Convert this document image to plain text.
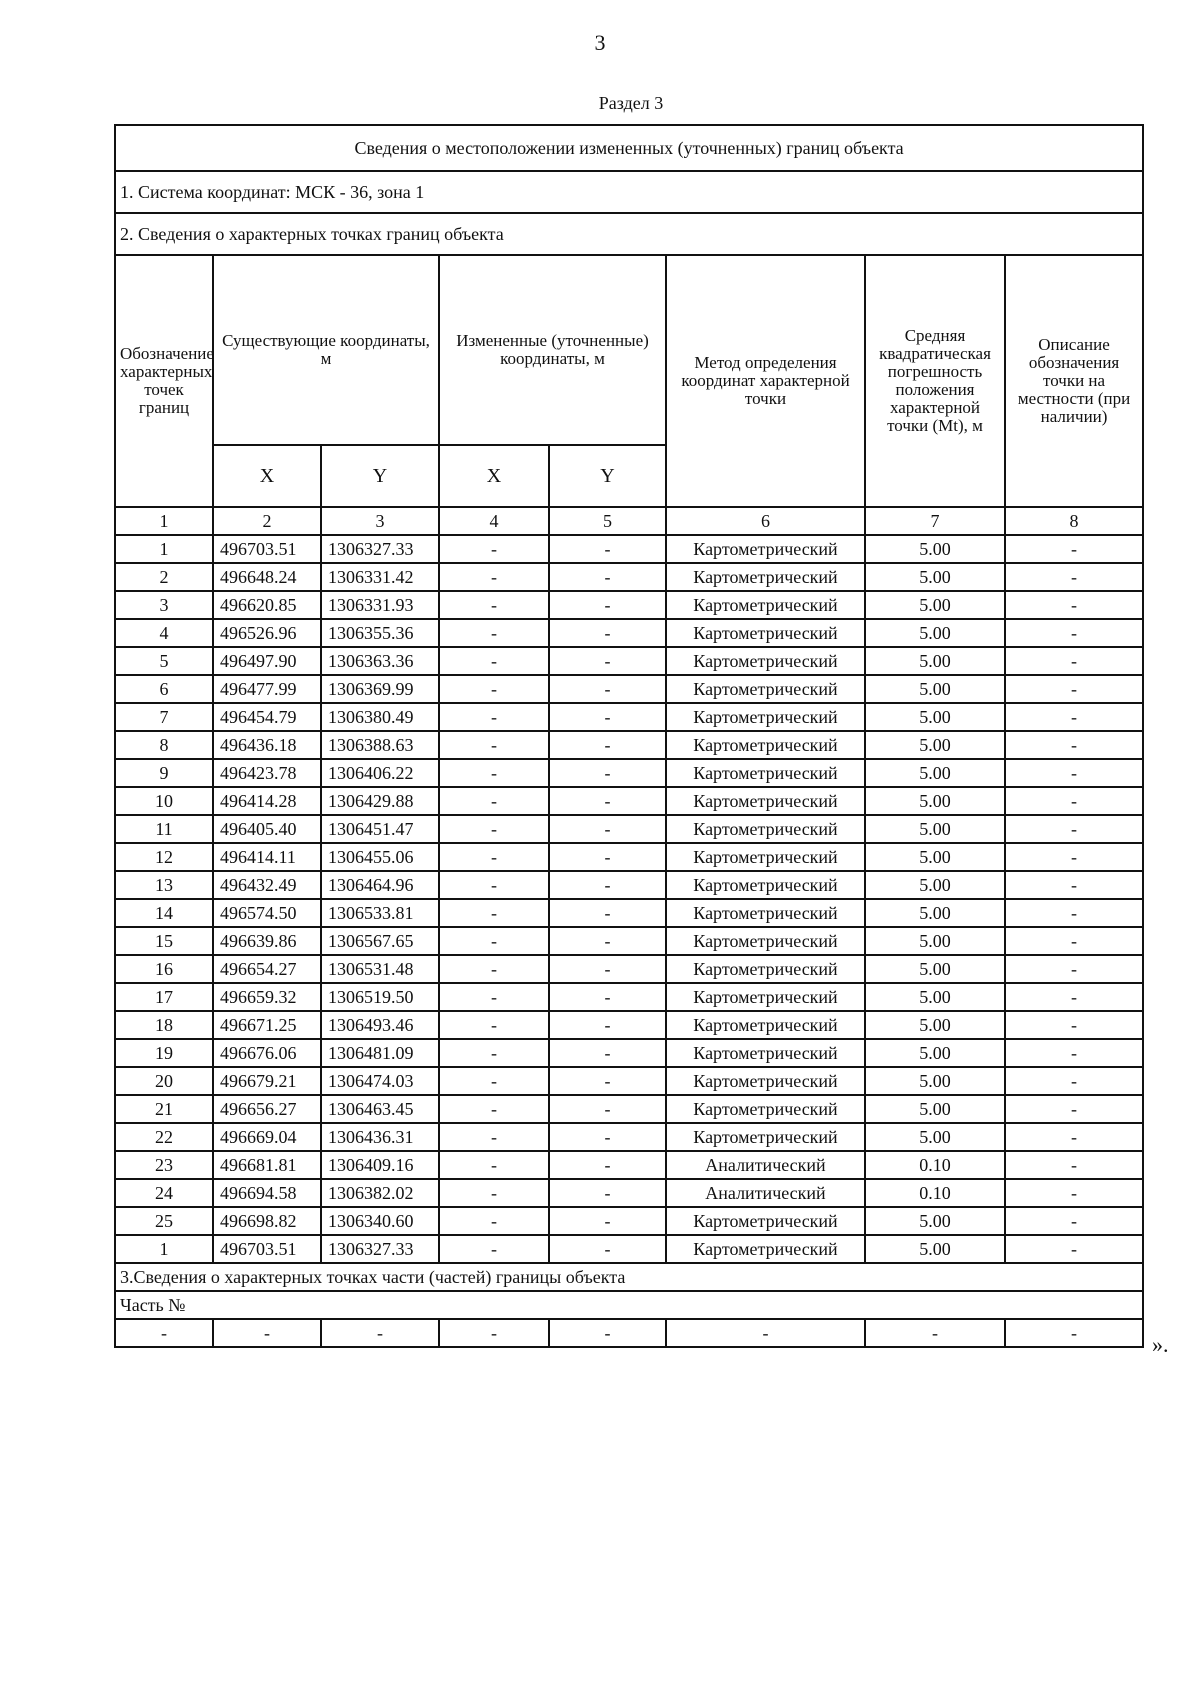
3
Раздел 3
Сведения о местоположении измененных (уточненных) границ объекта							
1. Система координат: МСК - 36, зона 1							
2. Сведения о характерных точках границ объекта							
Обозначение характерных точек границ	Существующие координаты, м		Измененные (уточненные) координаты, м		Метод определения координат характерной точки	Средняя квадратическая погрешность положения характерной точки (Mt), м	Описание обозначения точки на местности (при наличии)
	X	Y	X	Y			
1	2	3	4	5	6	7	8
1	496703.51	1306327.33	-	-	Картометрический	5.00	-
2	496648.24	1306331.42	-	-	Картометрический	5.00	-
3	496620.85	1306331.93	-	-	Картометрический	5.00	-
4	496526.96	1306355.36	-	-	Картометрический	5.00	-
5	496497.90	1306363.36	-	-	Картометрический	5.00	-
6	496477.99	1306369.99	-	-	Картометрический	5.00	-
7	496454.79	1306380.49	-	-	Картометрический	5.00	-
8	496436.18	1306388.63	-	-	Картометрический	5.00	-
9	496423.78	1306406.22	-	-	Картометрический	5.00	-
10	496414.28	1306429.88	-	-	Картометрический	5.00	-
11	496405.40	1306451.47	-	-	Картометрический	5.00	-
12	496414.11	1306455.06	-	-	Картометрический	5.00	-
13	496432.49	1306464.96	-	-	Картометрический	5.00	-
14	496574.50	1306533.81	-	-	Картометрический	5.00	-
15	496639.86	1306567.65	-	-	Картометрический	5.00	-
16	496654.27	1306531.48	-	-	Картометрический	5.00	-
17	496659.32	1306519.50	-	-	Картометрический	5.00	-
18	496671.25	1306493.46	-	-	Картометрический	5.00	-
19	496676.06	1306481.09	-	-	Картометрический	5.00	-
20	496679.21	1306474.03	-	-	Картометрический	5.00	-
21	496656.27	1306463.45	-	-	Картометрический	5.00	-
22	496669.04	1306436.31	-	-	Картометрический	5.00	-
23	496681.81	1306409.16	-	-	Аналитический	0.10	-
24	496694.58	1306382.02	-	-	Аналитический	0.10	-
25	496698.82	1306340.60	-	-	Картометрический	5.00	-
1	496703.51	1306327.33	-	-	Картометрический	5.00	-
3.Сведения о характерных точках части (частей) границы объекта							
Часть №							
-	-	-	-	-	-	-	-	».
